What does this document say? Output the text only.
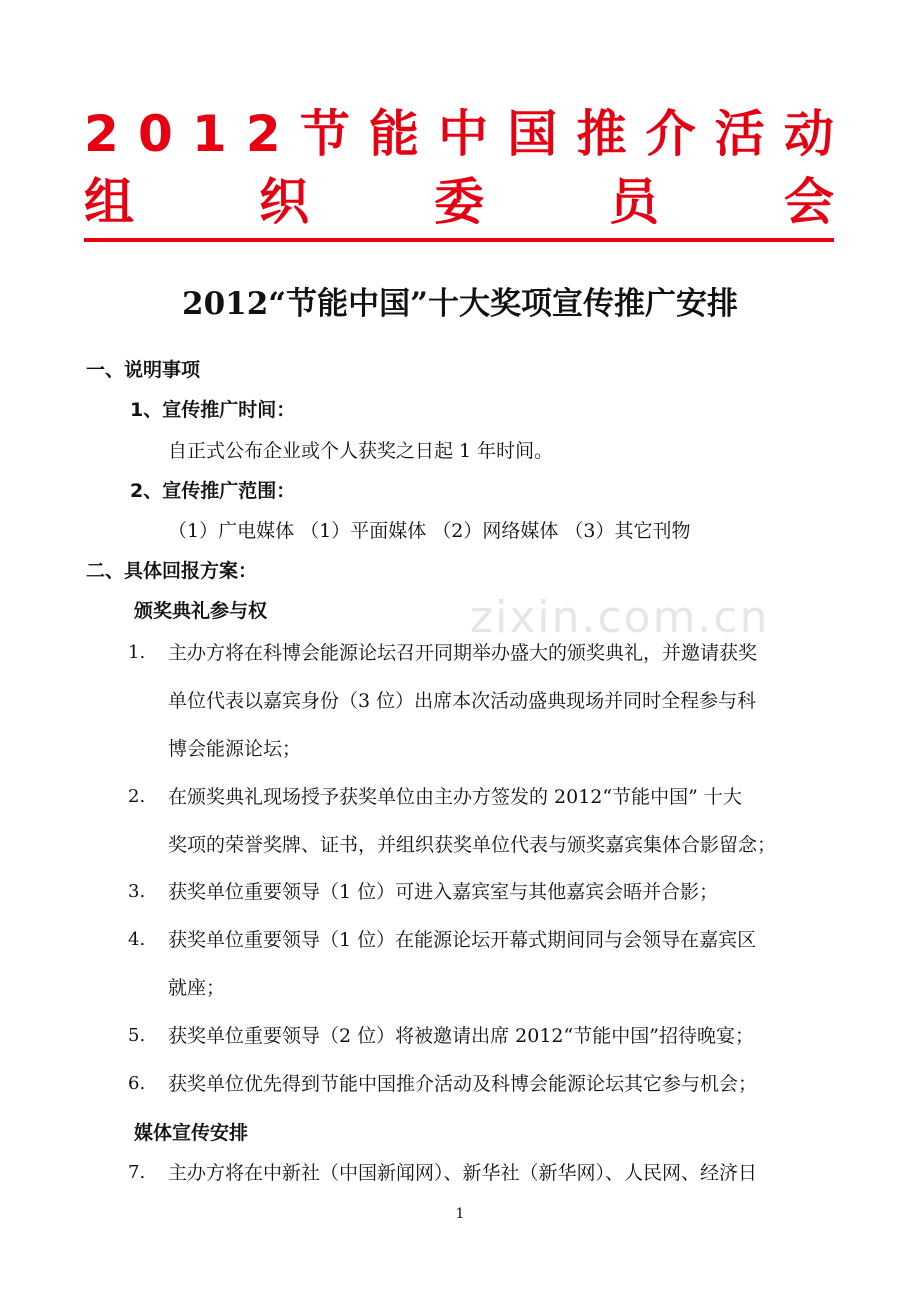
2 0 1 2 节 能 中 国 推 介 活 动
组	织	委	员	会
2012“节能中国”十大奖项宣传推广安排
一、说明事项
1、宣传推广时间：
自正式公布企业或个人获奖之日起 1 年时间。
2、宣传推广范围：
（1）广电媒体 （1）平面媒体 （2）网络媒体 （3）其它刊物
二、具体回报方案：
颁奖典礼参与权
1. 主办方将在科博会能源论坛召开同期举办盛大的颁奖典礼，并邀请获奖
单位代表以嘉宾身份（3 位）出席本次活动盛典现场并同时全程参与科
博会能源论坛；
2. 在颁奖典礼现场授予获奖单位由主办方签发的 2012“节能中国” 十大
奖项的荣誉奖牌、证书，并组织获奖单位代表与颁奖嘉宾集体合影留念；
3. 获奖单位重要领导（1 位）可进入嘉宾室与其他嘉宾会晤并合影；
4. 获奖单位重要领导（1 位）在能源论坛开幕式期间同与会领导在嘉宾区
就座；
5. 获奖单位重要领导（2 位）将被邀请出席 2012“节能中国”招待晚宴；
6. 获奖单位优先得到节能中国推介活动及科博会能源论坛其它参与机会；
媒体宣传安排
7. 主办方将在中新社（中国新闻网）、新华社（新华网）、人民网、经济日
zixin.com.cn
1
